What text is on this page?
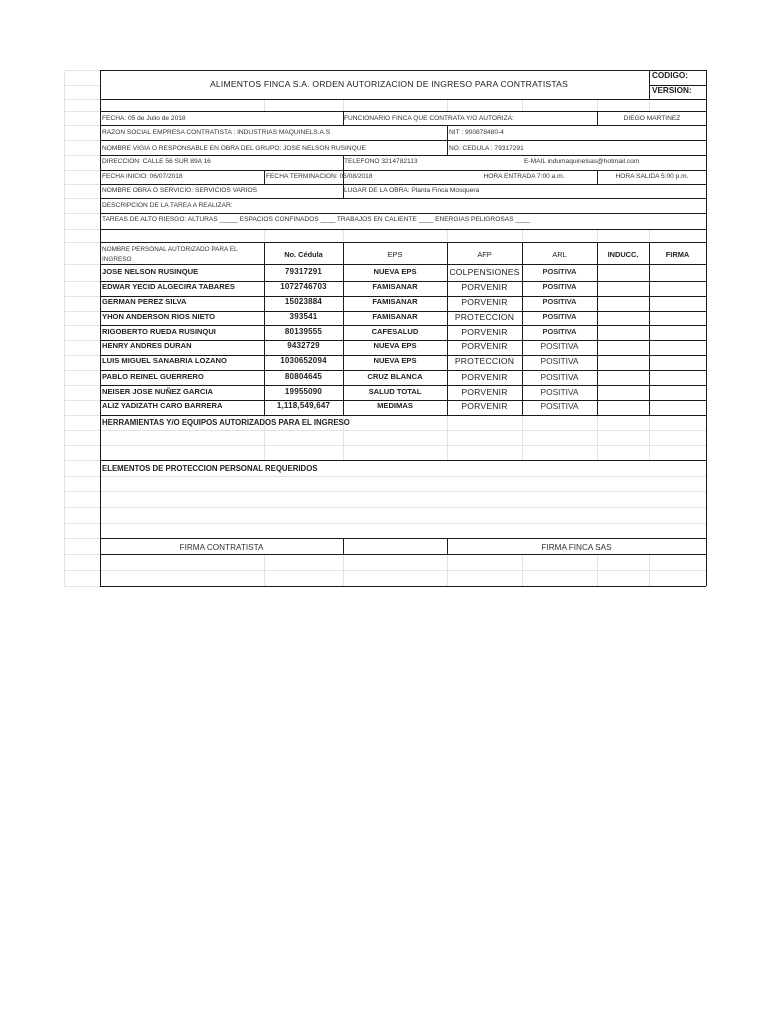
ALIMENTOS FINCA S.A. ORDEN AUTORIZACION DE INGRESO PARA CONTRATISTAS
CODIGO:
VERSION:
FECHA: 05 de Julio de 2018	FUNCIONARIO FINCA QUE CONTRATA Y/O AUTORIZA:	DIEGO MARTINEZ
RAZON SOCIAL EMPRESA CONTRATISTA : INDUSTRIAS MAQUINELS.A.S	NIT : 900878480-4
NOMBRE VIGIA O RESPONSABLE EN OBRA DEL GRUPO: JOSE NELSON RUSINQUE	NO. CEDULA : 79317291
DIRECCION: CALLE 56 SUR 89A 16	TELEFONO 3214782113	E-MAIL indumaquinelsas@hotmail.com
FECHA INICIO: 06/07/2018	FECHA TERMINACION: 05/08/2018	HORA ENTRADA 7:00 a.m.	HORA SALIDA 5:00 p.m.
NOMBRE OBRA O SERVICIO: SERVICIOS VARIOS	LUGAR DE LA OBRA: Planta Finca Mosquera
DESCRIPCION DE LA TAREA A REALIZAR:
TAREAS DE ALTO RIESGO: ALTURAS _____ ESPACIOS CONFINADOS ____ TRABAJOS EN CALIENTE ____ ENERGIAS PELIGROSAS ____
NOMBRE PERSONAL AUTORIZADO PARA EL
INGRESO
No. Cédula	EPS	AFP	ARL	INDUCC.	FIRMA
JOSE NELSON RUSINQUE	79317291	NUEVA EPS	COLPENSIONES	POSITIVA
EDWAR YECID ALGECIRA TABARES	1072746703	FAMISANAR	PORVENIR	POSITIVA
GERMAN PEREZ SILVA	15023884	FAMISANAR	PORVENIR	POSITIVA
YHON ANDERSON RIOS NIETO	393541	FAMISANAR	PROTECCION	POSITIVA
RIGOBERTO RUEDA RUSINQUI	80139555	CAFESALUD	PORVENIR	POSITIVA
HENRY ANDRES DURAN	9432729	NUEVA EPS	PORVENIR	POSITIVA
LUIS MIGUEL SANABRIA LOZANO	1030652094	NUEVA EPS	PROTECCION	POSITIVA
PABLO REINEL GUERRERO	80804645	CRUZ BLANCA	PORVENIR	POSITIVA
NEISER JOSE NUÑEZ GARCIA	19955090	SALUD TOTAL	PORVENIR	POSITIVA
ALIZ YADIZATH CARO BARRERA	1,118,549,647	MEDIMAS	PORVENIR	POSITIVA
HERRAMIENTAS Y/O EQUIPOS AUTORIZADOS PARA EL INGRESO
ELEMENTOS DE PROTECCION PERSONAL REQUERIDOS
FIRMA CONTRATISTA	FIRMA FINCA SAS
